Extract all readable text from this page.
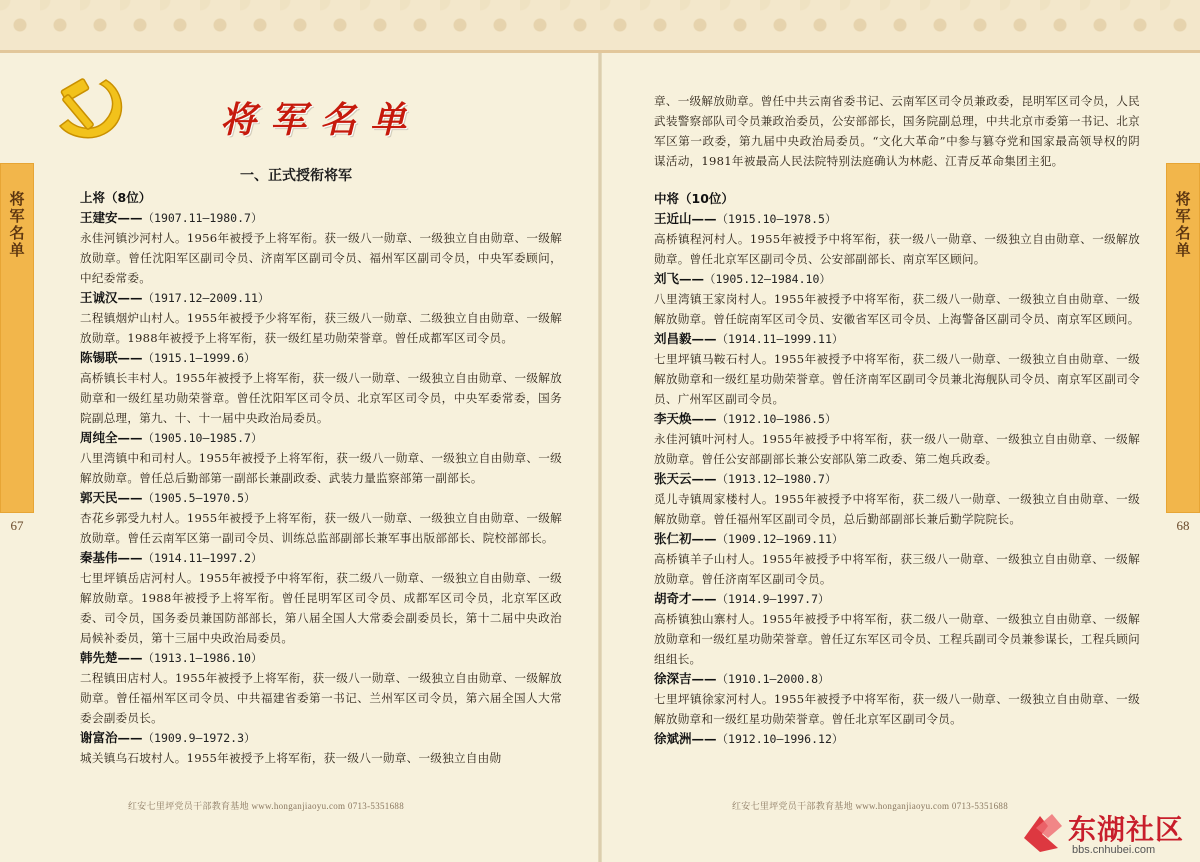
将军名单
67
将军名单
68
将军名单
一、正式授衔将军
上将（8位）
王建安——（1907.11—1980.7）
永佳河镇沙河村人。1956年被授予上将军衔。获一级八一勋章、一级独立自由勋章、一级解放勋章。曾任沈阳军区副司令员、济南军区副司令员、福州军区副司令员，中央军委顾问，中纪委常委。
王诚汉——（1917.12—2009.11）
二程镇烟炉山村人。1955年被授予少将军衔，获三级八一勋章、二级独立自由勋章、一级解放勋章。1988年被授予上将军衔，获一级红星功勋荣誉章。曾任成都军区司令员。
陈锡联——（1915.1—1999.6）
高桥镇长丰村人。1955年被授予上将军衔，获一级八一勋章、一级独立自由勋章、一级解放勋章和一级红星功勋荣誉章。曾任沈阳军区司令员、北京军区司令员，中央军委常委，国务院副总理，第九、十、十一届中央政治局委员。
周纯全——（1905.10—1985.7）
八里湾镇中和司村人。1955年被授予上将军衔，获一级八一勋章、一级独立自由勋章、一级解放勋章。曾任总后勤部第一副部长兼副政委、武装力量监察部第一副部长。
郭天民——（1905.5—1970.5）
杏花乡郭受九村人。1955年被授予上将军衔，获一级八一勋章、一级独立自由勋章、一级解放勋章。曾任云南军区第一副司令员、训练总监部副部长兼军事出版部部长、院校部部长。
秦基伟——（1914.11—1997.2）
七里坪镇岳店河村人。1955年被授予中将军衔，获二级八一勋章、一级独立自由勋章、一级解放勋章。1988年被授予上将军衔。曾任昆明军区司令员、成都军区司令员，北京军区政委、司令员，国务委员兼国防部部长，第八届全国人大常委会副委员长，第十二届中央政治局候补委员，第十三届中央政治局委员。
韩先楚——（1913.1—1986.10）
二程镇田店村人。1955年被授予上将军衔，获一级八一勋章、一级独立自由勋章、一级解放勋章。曾任福州军区司令员、中共福建省委第一书记、兰州军区司令员，第六届全国人大常委会副委员长。
谢富治——（1909.9—1972.3）
城关镇乌石坡村人。1955年被授予上将军衔，获一级八一勋章、一级独立自由勋
章、一级解放勋章。曾任中共云南省委书记、云南军区司令员兼政委，昆明军区司令员，人民武装警察部队司令员兼政治委员，公安部部长，国务院副总理，中共北京市委第一书记、北京军区第一政委，第九届中央政治局委员。“文化大革命”中参与篡夺党和国家最高领导权的阴谋活动，1981年被最高人民法院特别法庭确认为林彪、江青反革命集团主犯。
中将（10位）
王近山——（1915.10—1978.5）
高桥镇程河村人。1955年被授予中将军衔，获一级八一勋章、一级独立自由勋章、一级解放勋章。曾任北京军区副司令员、公安部副部长、南京军区顾问。
刘飞——（1905.12—1984.10）
八里湾镇王家岗村人。1955年被授予中将军衔，获二级八一勋章、一级独立自由勋章、一级解放勋章。曾任皖南军区司令员、安徽省军区司令员、上海警备区副司令员、南京军区顾问。
刘昌毅——（1914.11—1999.11）
七里坪镇马鞍石村人。1955年被授予中将军衔，获二级八一勋章、一级独立自由勋章、一级解放勋章和一级红星功勋荣誉章。曾任济南军区副司令员兼北海舰队司令员、南京军区副司令员、广州军区副司令员。
李天焕——（1912.10—1986.5）
永佳河镇叶河村人。1955年被授予中将军衔，获一级八一勋章、一级独立自由勋章、一级解放勋章。曾任公安部副部长兼公安部队第二政委、第二炮兵政委。
张天云——（1913.12—1980.7）
觅儿寺镇周家楼村人。1955年被授予中将军衔，获二级八一勋章、一级独立自由勋章、一级解放勋章。曾任福州军区副司令员，总后勤部副部长兼后勤学院院长。
张仁初——（1909.12—1969.11）
高桥镇羊子山村人。1955年被授予中将军衔，获三级八一勋章、一级独立自由勋章、一级解放勋章。曾任济南军区副司令员。
胡奇才——（1914.9—1997.7）
高桥镇独山寨村人。1955年被授予中将军衔，获二级八一勋章、一级独立自由勋章、一级解放勋章和一级红星功勋荣誉章。曾任辽东军区司令员、工程兵副司令员兼参谋长，工程兵顾问组组长。
徐深吉——（1910.1—2000.8）
七里坪镇徐家河村人。1955年被授予中将军衔，获一级八一勋章、一级独立自由勋章、一级解放勋章和一级红星功勋荣誉章。曾任北京军区副司令员。
徐斌洲——（1912.10—1996.12）
红安七里坪党员干部教育基地 www.honganjiaoyu.com 0713-5351688	红安七里坪党员干部教育基地 www.honganjiaoyu.com 0713-5351688
东湖社区
bbs.cnhubei.com
